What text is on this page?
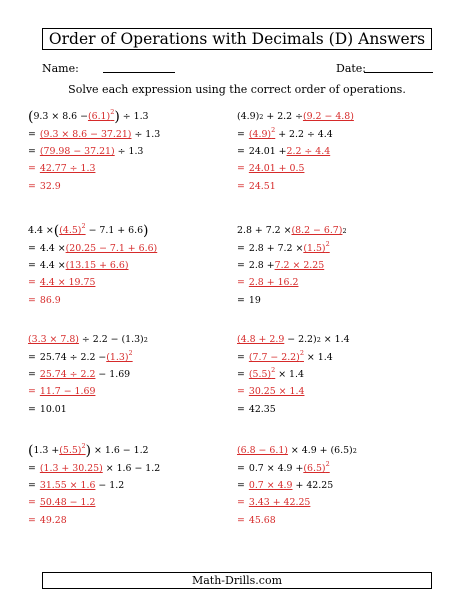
Order of Operations with Decimals (D) Answers
Name:	Date:
Solve each expression using the correct order of operations.
( $9.3 \times 8.6 - (6.1)^2$ ) ÷ 1.3
= (9.3 × 8.6 − 37.21) ÷ 1.3
= (79.98 − 37.21) ÷ 1.3
= 42.77 ÷ 1.3
= 32.9
(4.9) 2 + 2.2 ÷ (9.2 − 4.8)
= $(4.9)^2 + 2.2 \div 4.4$
= 24.01 + 2.2 ÷ 4.4
= 24.01 + 0.5
= 24.51
4.4 × ( $(4.5)^2 - 7.1 + 6.6$ )
= 4.4 × (20.25 − 7.1 + 6.6)
= 4.4 × (13.15 + 6.6)
= 4.4 × 19.75
= 86.9
2.8 + 7.2 × (8.2 − 6.7) 2
= $2.8 + 7.2 \times (1.5)^2$
= 2.8 + 7.2 × 2.25
= 2.8 + 16.2
= 19
(3.3 × 7.8) ÷ 2.2 − (1.3) 2
= $25.74 \div 2.2 - (1.3)^2$
= 25.74 ÷ 2.2 − 1.69
= 11.7 − 1.69
= 10.01
(4.8 + 2.9 − 2.2) 2 × 1.4
= $(7.7 - 2.2)^2 \times 1.4$
= $(5.5)^2 \times 1.4$
= 30.25 × 1.4
= 42.35
( $1.3 + (5.5)^2$ ) × 1.6 − 1.2
= (1.3 + 30.25) × 1.6 − 1.2
= 31.55 × 1.6 − 1.2
= 50.48 − 1.2
= 49.28
(6.8 − 6.1) × 4.9 + (6.5) 2
= $0.7 \times 4.9 + (6.5)^2$
= 0.7 × 4.9 + 42.25
= 3.43 + 42.25
= 45.68
Math-Drills.com
